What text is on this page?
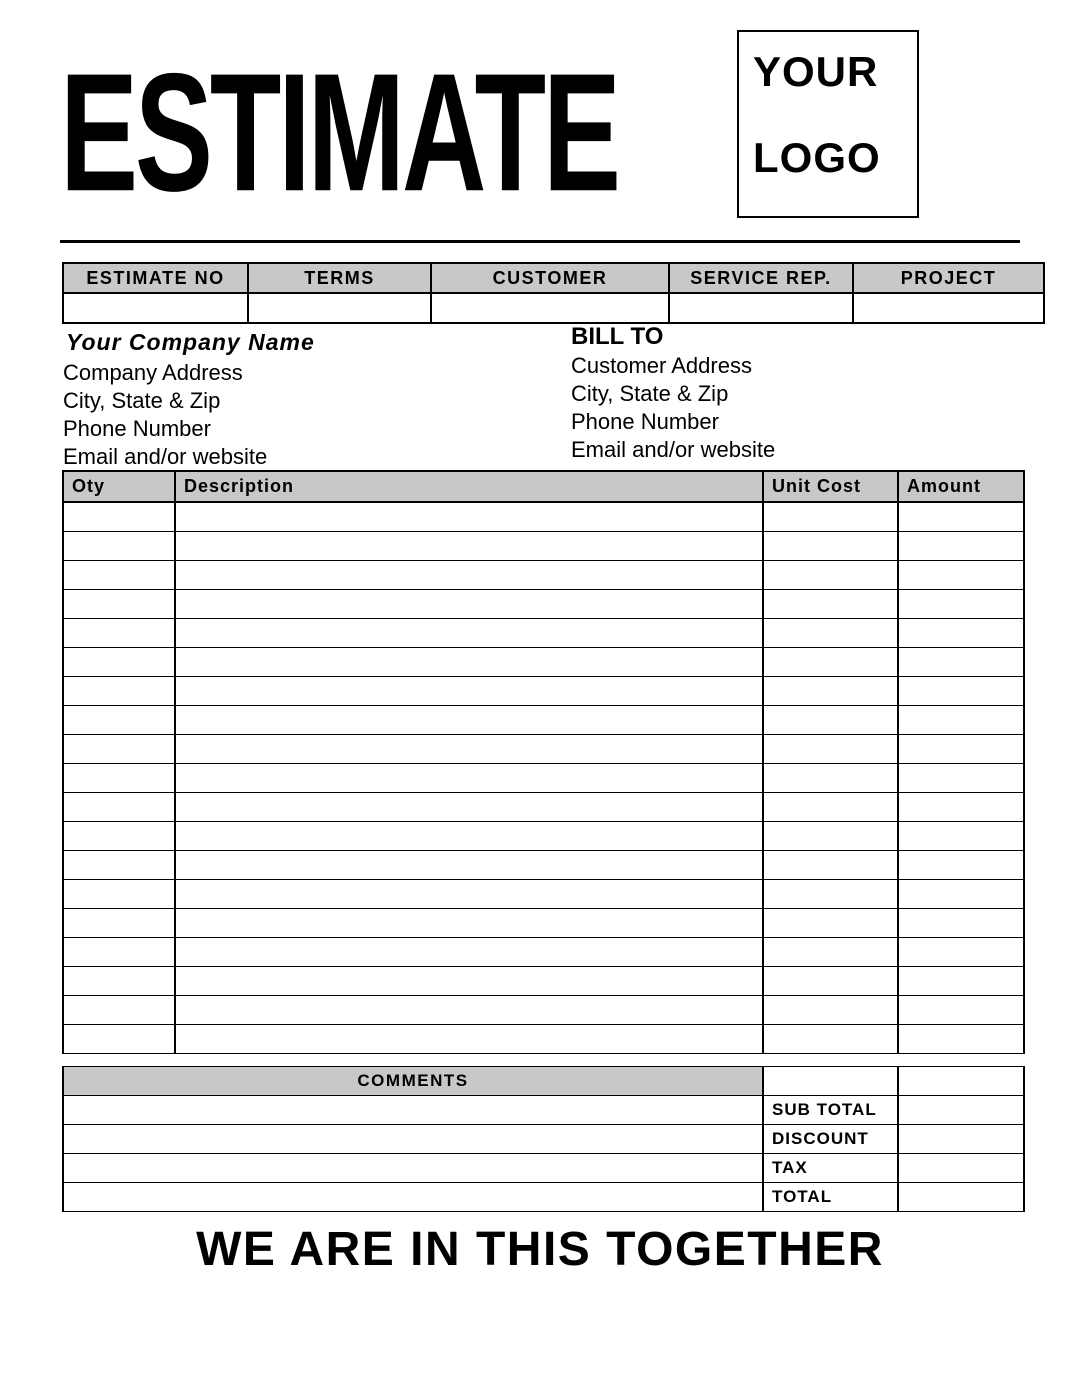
ESTIMATE	YOUR
LOGO
ESTIMATE NO	TERMS	CUSTOMER	SERVICE REP.	PROJECT

Your Company Name
Company Address
City, State & Zip
Phone Number
Email and/or website
BILL TO
Customer Address
City, State & Zip
Phone Number
Email and/or website
Oty	Description	Unit Cost	Amount

COMMENTS		
	SUB TOTAL	
	DISCOUNT	
	TAX	
	TOTAL	
WE ARE IN THIS TOGETHER
